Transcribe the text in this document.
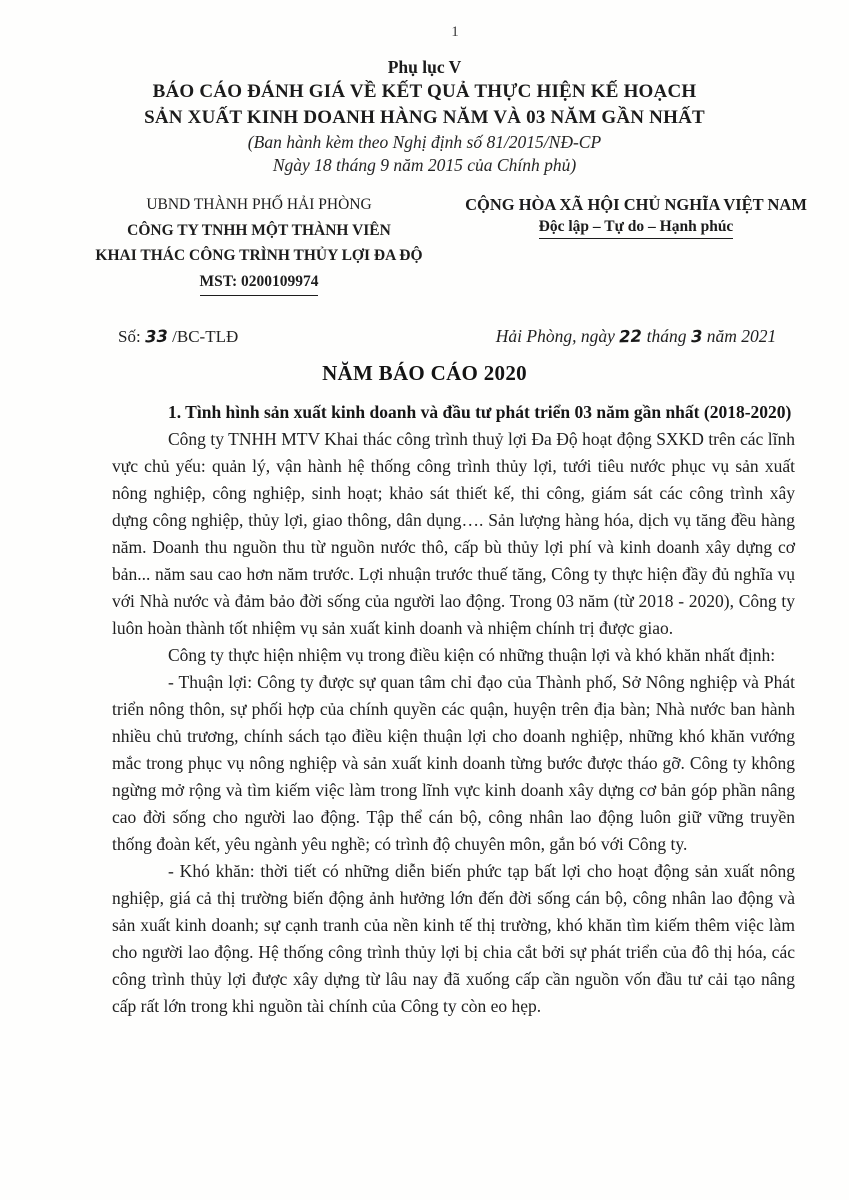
1
Phụ lục V
BÁO CÁO ĐÁNH GIÁ VỀ KẾT QUẢ THỰC HIỆN KẾ HOẠCH
SẢN XUẤT KINH DOANH HÀNG NĂM VÀ 03 NĂM GẦN NHẤT
(Ban hành kèm theo Nghị định số 81/2015/NĐ-CP
Ngày 18 tháng 9 năm 2015 của Chính phủ)
UBND THÀNH PHỐ HẢI PHÒNG
CÔNG TY TNHH MỘT THÀNH VIÊN
KHAI THÁC CÔNG TRÌNH THỦY LỢI ĐA ĐỘ
MST: 0200109974
CỘNG HÒA XÃ HỘI CHỦ NGHĨA VIỆT NAM
Độc lập – Tự do – Hạnh phúc
Số: 33 /BC-TLĐ	Hải Phòng, ngày 22 tháng 3 năm 2021
NĂM BÁO CÁO 2020

1. Tình hình sản xuất kinh doanh và đầu tư phát triển 03 năm gần nhất (2018-2020)

Công ty TNHH MTV Khai thác công trình thuỷ lợi Đa Độ hoạt động SXKD trên các lĩnh vực chủ yếu: quản lý, vận hành hệ thống công trình thủy lợi, tưới tiêu nước phục vụ sản xuất nông nghiệp, công nghiệp, sinh hoạt; khảo sát thiết kế, thi công, giám sát các công trình xây dựng công nghiệp, thủy lợi, giao thông, dân dụng…. Sản lượng hàng hóa, dịch vụ tăng đều hàng năm. Doanh thu nguồn thu từ nguồn nước thô, cấp bù thủy lợi phí và kinh doanh xây dựng cơ bản... năm sau cao hơn năm trước. Lợi nhuận trước thuế tăng, Công ty thực hiện đầy đủ nghĩa vụ với Nhà nước và đảm bảo đời sống của người lao động. Trong 03 năm (từ 2018 - 2020), Công ty luôn hoàn thành tốt nhiệm vụ sản xuất kinh doanh và nhiệm chính trị được giao.

Công ty thực hiện nhiệm vụ trong điều kiện có những thuận lợi và khó khăn nhất định:

- Thuận lợi: Công ty được sự quan tâm chỉ đạo của Thành phố, Sở Nông nghiệp và Phát triển nông thôn, sự phối hợp của chính quyền các quận, huyện trên địa bàn; Nhà nước ban hành nhiều chủ trương, chính sách tạo điều kiện thuận lợi cho doanh nghiệp, những khó khăn vướng mắc trong phục vụ nông nghiệp và sản xuất kinh doanh từng bước được tháo gỡ. Công ty không ngừng mở rộng và tìm kiếm việc làm trong lĩnh vực kinh doanh xây dựng cơ bản góp phần nâng cao đời sống cho người lao động. Tập thể cán bộ, công nhân lao động luôn giữ vững truyền thống đoàn kết, yêu ngành yêu nghề; có trình độ chuyên môn, gắn bó với Công ty.

- Khó khăn: thời tiết có những diễn biến phức tạp bất lợi cho hoạt động sản xuất nông nghiệp, giá cả thị trường biến động ảnh hưởng lớn đến đời sống cán bộ, công nhân lao động và sản xuất kinh doanh; sự cạnh tranh của nền kinh tế thị trường, khó khăn tìm kiếm thêm việc làm cho người lao động. Hệ thống công trình thủy lợi bị chia cắt bởi sự phát triển của đô thị hóa, các công trình thủy lợi được xây dựng từ lâu nay đã xuống cấp cần nguồn vốn đầu tư cải tạo nâng cấp rất lớn trong khi nguồn tài chính của Công ty còn eo hẹp.
